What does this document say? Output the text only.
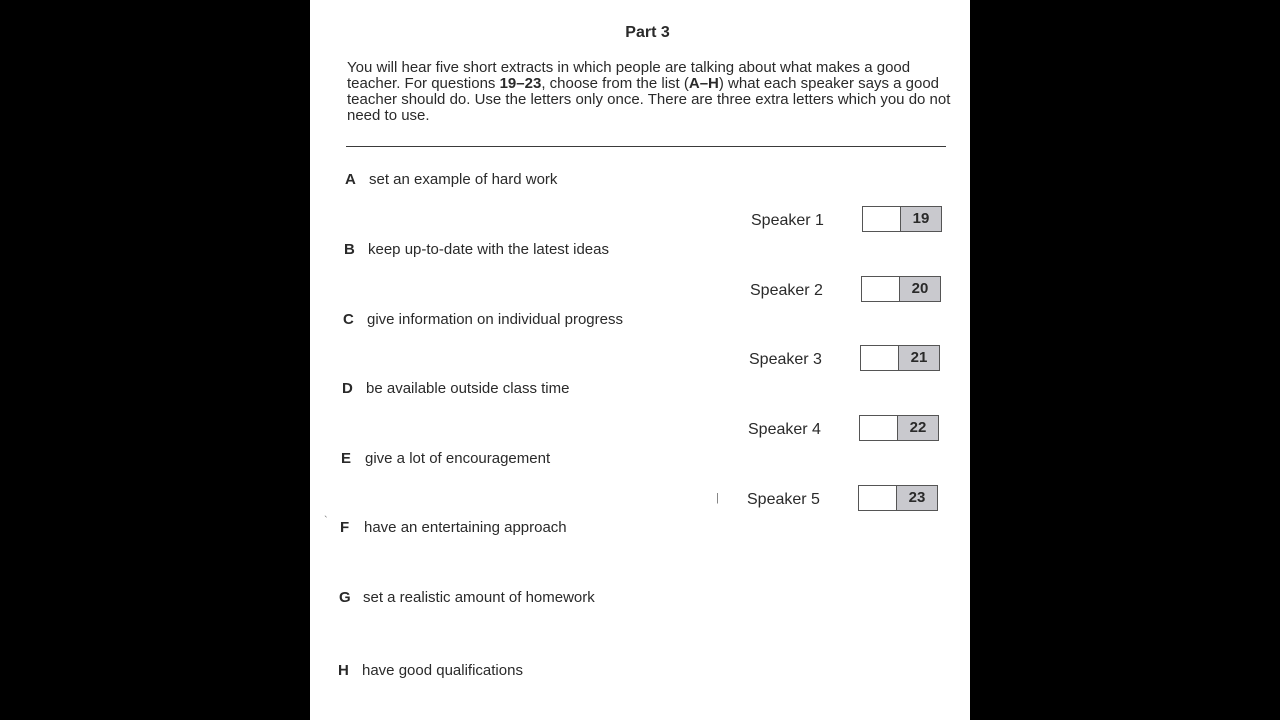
Part 3
You will hear five short extracts in which people are talking about what makes a good teacher. For questions 19–23, choose from the list (A–H) what each speaker says a good teacher should do. Use the letters only once. There are three extra letters which you do not need to use.
A set an example of hard work
B keep up-to-date with the latest ideas
C give information on individual progress
D be available outside class time
E give a lot of encouragement
F have an entertaining approach
G set a realistic amount of homework
H have good qualifications
Speaker 1	19
Speaker 2	20
Speaker 3	21
Speaker 4	22
Speaker 5	23
|
`
